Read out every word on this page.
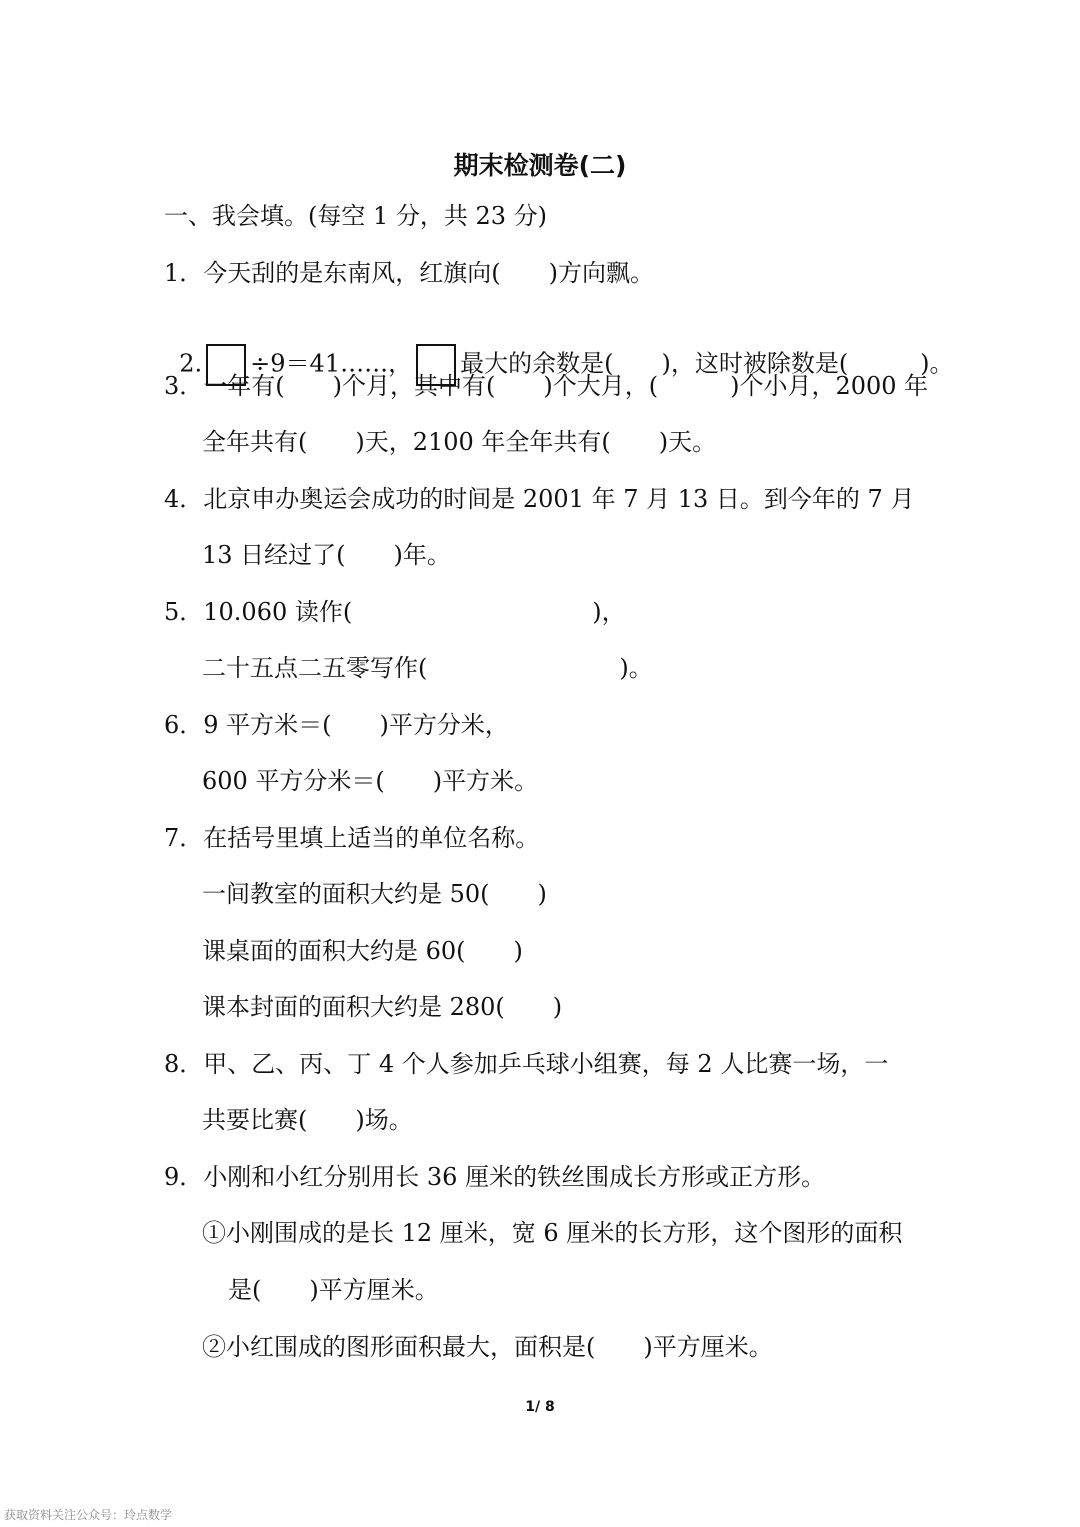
期末检测卷(二)
一、我会填。(每空 1 分，共 23 分)
1．今天刮的是东南风，红旗向(　　)方向飘。

2. ÷9＝41……， 最大的余数是(　　)，这时被除数是(　　　)。

3．一年有(　　)个月，其中有(　　)个大月，(　　　)个小月，2000 年
全年共有(　　)天，2100 年全年共有(　　)天。
4．北京申办奥运会成功的时间是 2001 年 7 月 13 日。到今年的 7 月
13 日经过了(　　)年。
5．10.060 读作(　　　　　　　　　　)，
二十五点二五零写作(　　　　　　　　)。
6．9 平方米＝(　　)平方分米，
600 平方分米＝(　　)平方米。
7．在括号里填上适当的单位名称。
一间教室的面积大约是 50(　　)
课桌面的面积大约是 60(　　)
课本封面的面积大约是 280(　　)
8．甲、乙、丙、丁 4 个人参加乒乓球小组赛，每 2 人比赛一场，一
共要比赛(　　)场。
9．小刚和小红分别用长 36 厘米的铁丝围成长方形或正方形。
①小刚围成的是长 12 厘米，宽 6 厘米的长方形，这个图形的面积
是(　　)平方厘米。
②小红围成的图形面积最大，面积是(　　)平方厘米。
1/ 8
获取资料关注公众号：玲点数学
